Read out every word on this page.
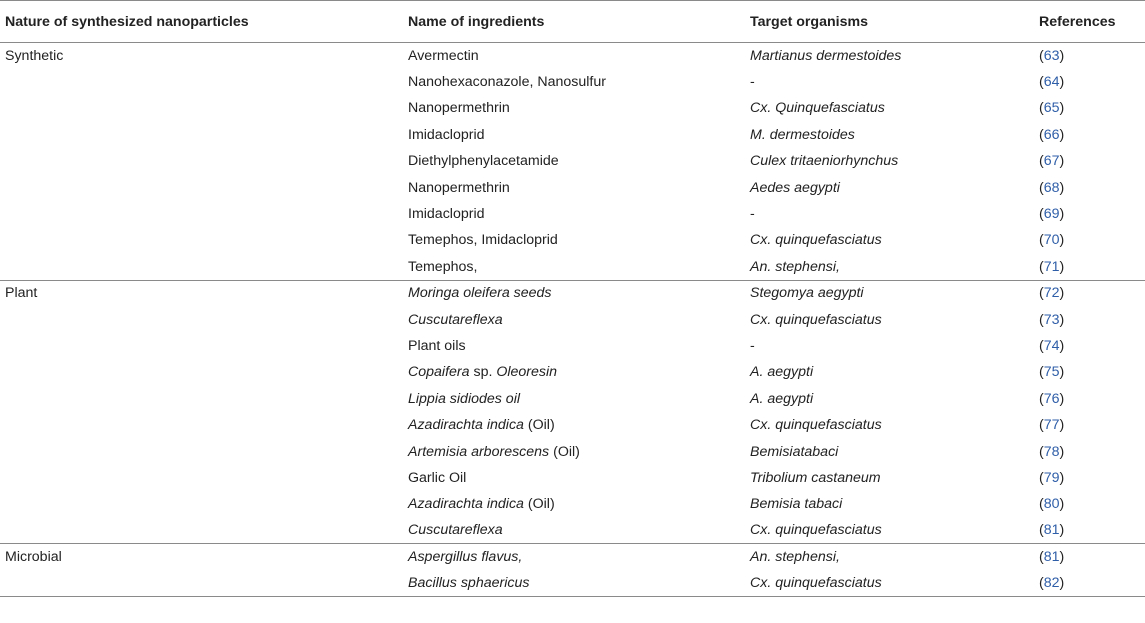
Nature of synthesized nanoparticles	Name of ingredients	Target organisms	References
Synthetic	Avermectin	Martianus dermestoides	(63)
	Nanohexaconazole, Nanosulfur	-	(64)
	Nanopermethrin	Cx. Quinquefasciatus	(65)
	Imidacloprid	M. dermestoides	(66)
	Diethylphenylacetamide	Culex tritaeniorhynchus	(67)
	Nanopermethrin	Aedes aegypti	(68)
	Imidacloprid	-	(69)
	Temephos, Imidacloprid	Cx. quinquefasciatus	(70)
	Temephos,	An. stephensi,	(71)
Plant	Moringa oleifera seeds	Stegomya aegypti	(72)
	Cuscutareflexa	Cx. quinquefasciatus	(73)
	Plant oils	-	(74)
	Copaifera sp. Oleoresin	A. aegypti	(75)
	Lippia sidiodes oil	A. aegypti	(76)
	Azadirachta indica (Oil)	Cx. quinquefasciatus	(77)
	Artemisia arborescens (Oil)	Bemisiatabaci	(78)
	Garlic Oil	Tribolium castaneum	(79)
	Azadirachta indica (Oil)	Bemisia tabaci	(80)
	Cuscutareflexa	Cx. quinquefasciatus	(81)
Microbial	Aspergillus flavus,	An. stephensi,	(81)
	Bacillus sphaericus	Cx. quinquefasciatus	(82)
